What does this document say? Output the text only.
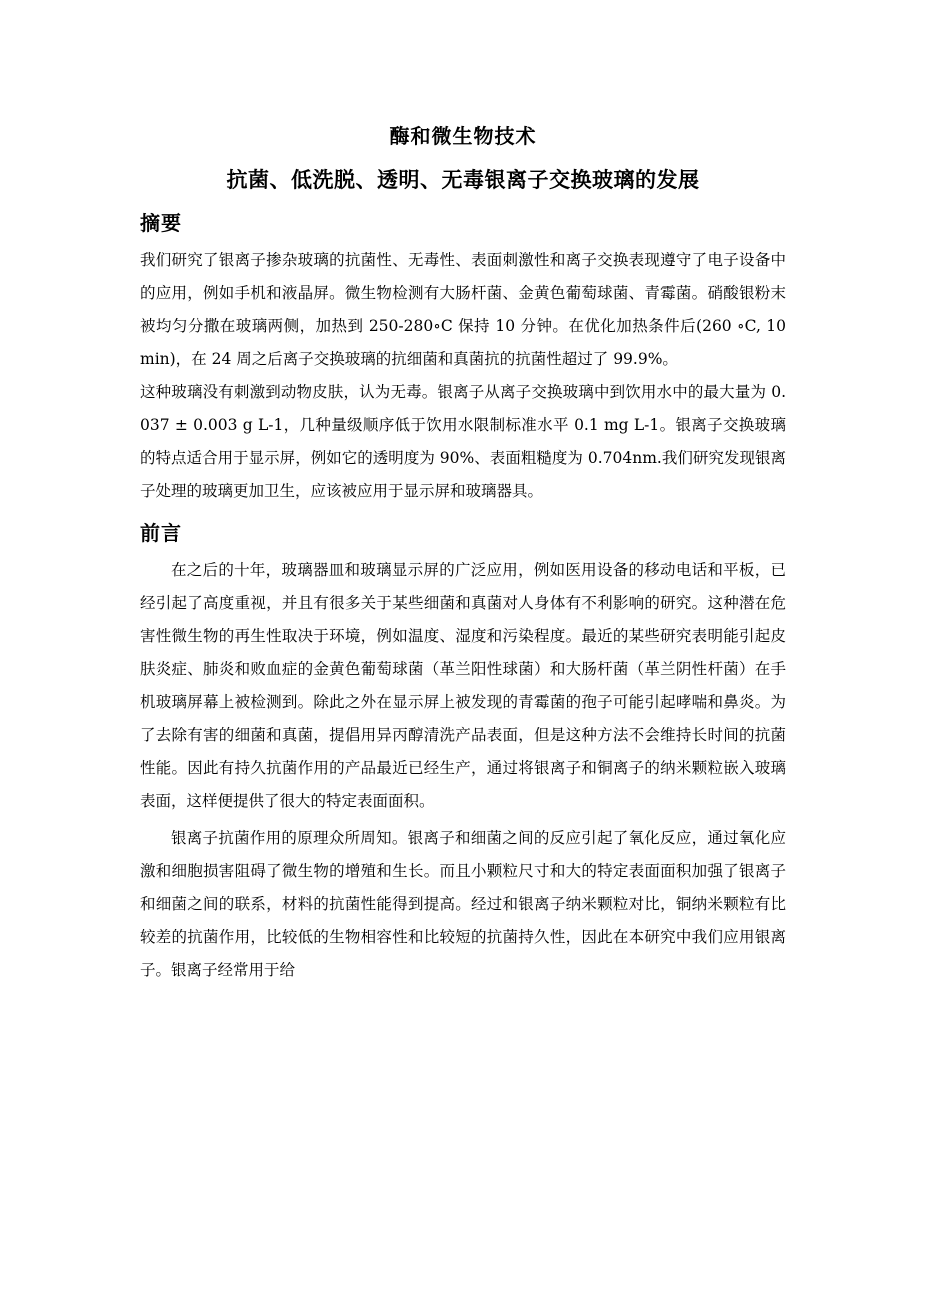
酶和微生物技术
抗菌、低洗脱、透明、无毒银离子交换玻璃的发展
摘要

我们研究了银离子掺杂玻璃的抗菌性、无毒性、表面刺激性和离子交换表现遵守了电子设备中的应用，例如手机和液晶屏。微生物检测有大肠杆菌、金黄色葡萄球菌、青霉菌。硝酸银粉末被均匀分撒在玻璃两侧，加热到 250-280∘C 保持 10 分钟。在优化加热条件后(260 ∘C, 10 min)，在 24 周之后离子交换玻璃的抗细菌和真菌抗的抗菌性超过了 99.9%。

这种玻璃没有刺激到动物皮肤，认为无毒。银离子从离子交换玻璃中到饮用水中的最大量为 0.037 ± 0.003 g L-1，几种量级顺序低于饮用水限制标准水平 0.1 mg L-1。银离子交换玻璃的特点适合用于显示屏，例如它的透明度为 90%、表面粗糙度为 0.704nm.我们研究发现银离子处理的玻璃更加卫生，应该被应用于显示屏和玻璃器具。

前言

在之后的十年，玻璃器皿和玻璃显示屏的广泛应用，例如医用设备的移动电话和平板，已经引起了高度重视，并且有很多关于某些细菌和真菌对人身体有不利影响的研究。这种潜在危害性微生物的再生性取决于环境，例如温度、湿度和污染程度。最近的某些研究表明能引起皮肤炎症、肺炎和败血症的金黄色葡萄球菌（革兰阳性球菌）和大肠杆菌（革兰阴性杆菌）在手机玻璃屏幕上被检测到。除此之外在显示屏上被发现的青霉菌的孢子可能引起哮喘和鼻炎。为了去除有害的细菌和真菌，提倡用异丙醇清洗产品表面，但是这种方法不会维持长时间的抗菌性能。因此有持久抗菌作用的产品最近已经生产，通过将银离子和铜离子的纳米颗粒嵌入玻璃表面，这样便提供了很大的特定表面面积。

银离子抗菌作用的原理众所周知。银离子和细菌之间的反应引起了氧化反应，通过氧化应激和细胞损害阻碍了微生物的增殖和生长。而且小颗粒尺寸和大的特定表面面积加强了银离子和细菌之间的联系，材料的抗菌性能得到提高。经过和银离子纳米颗粒对比，铜纳米颗粒有比较差的抗菌作用，比较低的生物相容性和比较短的抗菌持久性，因此在本研究中我们应用银离子。银离子经常用于给
